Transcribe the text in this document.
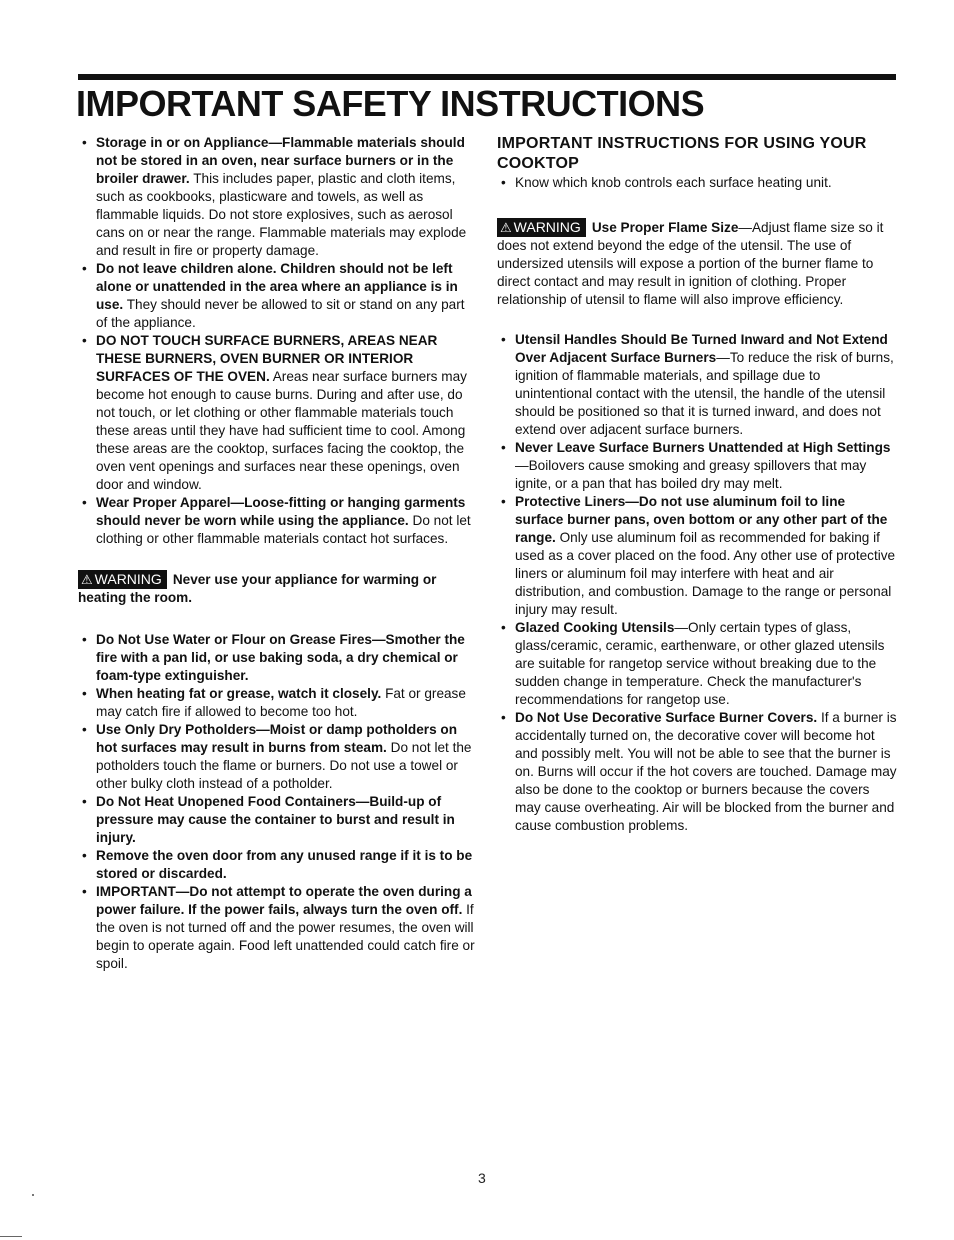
IMPORTANT SAFETY INSTRUCTIONS
• Storage in or on Appliance—Flammable materials should not be stored in an oven, near surface burners or in the broiler drawer. This includes paper, plastic and cloth items, such as cookbooks, plasticware and towels, as well as flammable liquids. Do not store explosives, such as aerosol cans on or near the range. Flammable materials may explode and result in fire or property damage.
• Do not leave children alone. Children should not be left alone or unattended in the area where an appliance is in use. They should never be allowed to sit or stand on any part of the appliance.
• DO NOT TOUCH SURFACE BURNERS, AREAS NEAR THESE BURNERS, OVEN BURNER OR INTERIOR SURFACES OF THE OVEN. Areas near surface burners may become hot enough to cause burns. During and after use, do not touch, or let clothing or other flammable materials touch these areas until they have had sufficient time to cool. Among these areas are the cooktop, surfaces facing the cooktop, the oven vent openings and surfaces near these openings, oven door and window.
• Wear Proper Apparel—Loose-fitting or hanging garments should never be worn while using the appliance. Do not let clothing or other flammable materials contact hot surfaces.

⚠ WARNING Never use your appliance for warming or heating the room.

• Do Not Use Water or Flour on Grease Fires—Smother the fire with a pan lid, or use baking soda, a dry chemical or foam-type extinguisher.
• When heating fat or grease, watch it closely. Fat or grease may catch fire if allowed to become too hot.
• Use Only Dry Potholders—Moist or damp potholders on hot surfaces may result in burns from steam. Do not let the potholders touch the flame or burners. Do not use a towel or other bulky cloth instead of a potholder.
• Do Not Heat Unopened Food Containers—Build-up of pressure may cause the container to burst and result in injury.
• Remove the oven door from any unused range if it is to be stored or discarded.
• IMPORTANT—Do not attempt to operate the oven during a power failure. If the power fails, always turn the oven off. If the oven is not turned off and the power resumes, the oven will begin to operate again. Food left unattended could catch fire or spoil.
IMPORTANT INSTRUCTIONS FOR USING YOUR COOKTOP
• Know which knob controls each surface heating unit.

⚠ WARNING Use Proper Flame Size—Adjust flame size so it does not extend beyond the edge of the utensil. The use of undersized utensils will expose a portion of the burner flame to direct contact and may result in ignition of clothing. Proper relationship of utensil to flame will also improve efficiency.

• Utensil Handles Should Be Turned Inward and Not Extend Over Adjacent Surface Burners—To reduce the risk of burns, ignition of flammable materials, and spillage due to unintentional contact with the utensil, the handle of the utensil should be positioned so that it is turned inward, and does not extend over adjacent surface burners.
• Never Leave Surface Burners Unattended at High Settings—Boilovers cause smoking and greasy spillovers that may ignite, or a pan that has boiled dry may melt.
• Protective Liners—Do not use aluminum foil to line surface burner pans, oven bottom or any other part of the range. Only use aluminum foil as recommended for baking if used as a cover placed on the food. Any other use of protective liners or aluminum foil may interfere with heat and air distribution, and combustion. Damage to the range or personal injury may result.
• Glazed Cooking Utensils—Only certain types of glass, glass/ceramic, ceramic, earthenware, or other glazed utensils are suitable for rangetop service without breaking due to the sudden change in temperature. Check the manufacturer's recommendations for rangetop use.
• Do Not Use Decorative Surface Burner Covers. If a burner is accidentally turned on, the decorative cover will become hot and possibly melt. You will not be able to see that the burner is on. Burns will occur if the hot covers are touched. Damage may also be done to the cooktop or burners because the covers may cause overheating. Air will be blocked from the burner and cause combustion problems.
3
